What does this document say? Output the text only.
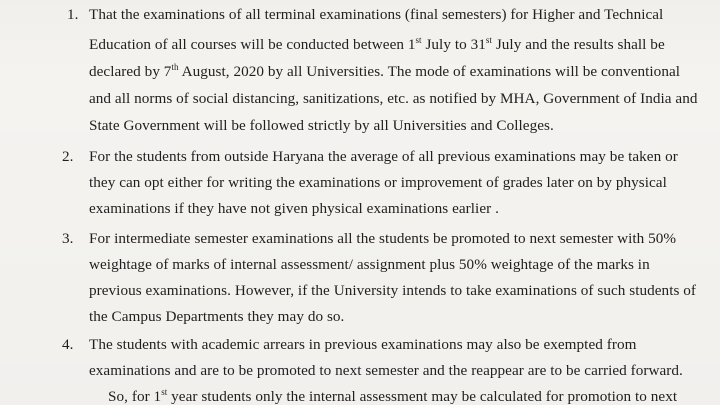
1. That the examinations of all terminal examinations (final semesters) for Higher and Technical
Education of all courses will be conducted between 1st July to 31st July and the results shall be
declared by 7th August, 2020 by all Universities. The mode of examinations will be conventional
and all norms of social distancing, sanitizations, etc. as notified by MHA, Government of India and
State Government will be followed strictly by all Universities and Colleges.
2. For the students from outside Haryana the average of all previous examinations may be taken or
they can opt either for writing the examinations or improvement of grades later on by physical
examinations if they have not given physical examinations earlier .
3. For intermediate semester examinations all the students be promoted to next semester with 50%
weightage of marks of internal assessment/ assignment plus 50% weightage of the marks in
previous examinations. However, if the University intends to take examinations of such students of
the Campus Departments they may do so.
4. The students with academic arrears in previous examinations may also be exempted from
examinations and are to be promoted to next semester and the reappear are to be carried forward.
So, for 1st year students only the internal assessment may be calculated for promotion to next
